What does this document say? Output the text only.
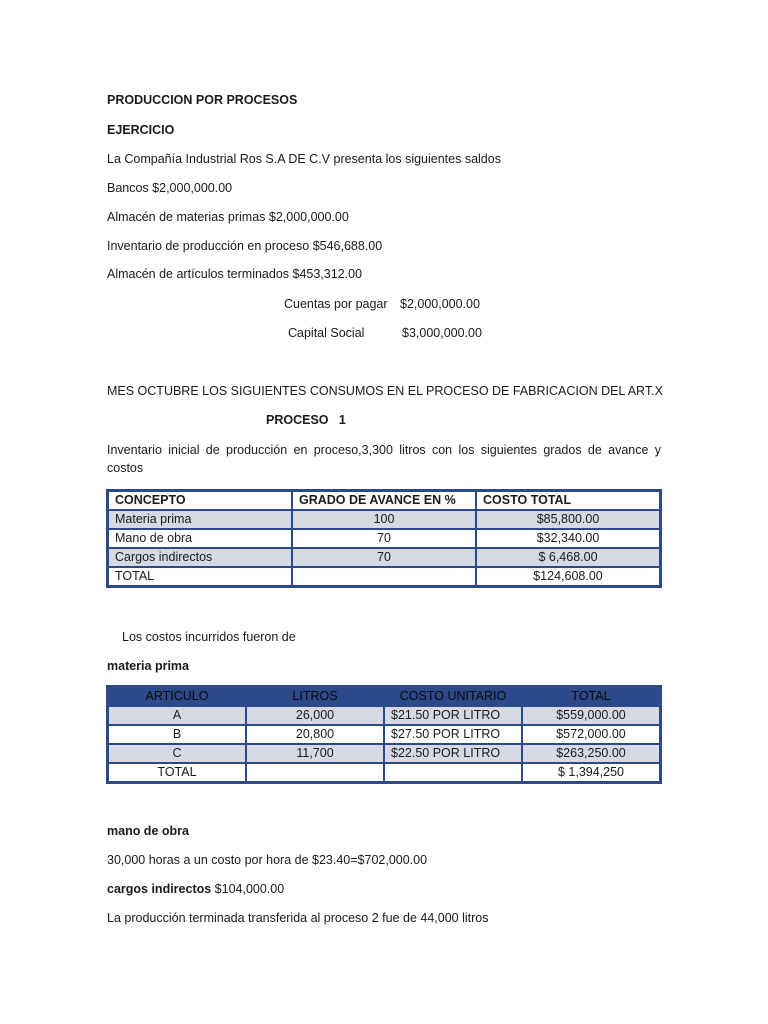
PRODUCCION POR PROCESOS
EJERCICIO
La Compañía Industrial Ros S.A DE C.V presenta los siguientes saldos
Bancos $2,000,000.00
Almacén de materias primas $2,000,000.00
Inventario de producción en proceso $546,688.00
Almacén de artículos terminados $453,312.00
Cuentas por pagar $2,000,000.00
Capital Social	$3,000,000.00
MES OCTUBRE LOS SIGUIENTES CONSUMOS EN EL PROCESO DE FABRICACION DEL ART.X
PROCESO   1
Inventario inicial de producción en proceso,3,300 litros con los siguientes grados de avance y costos
CONCEPTO	GRADO DE AVANCE EN %	COSTO TOTAL
Materia prima	100	$85,800.00
Mano de obra	70	$32,340.00
Cargos indirectos	70	$ 6,468.00
TOTAL		$124,608.00
Los costos incurridos fueron de
materia prima
ARTICULO	LITROS	COSTO UNITARIO	TOTAL
A	26,000	$21.50 POR LITRO	$559,000.00
B	20,800	$27.50 POR LITRO	$572,000.00
C	11,700	$22.50 POR LITRO	$263,250.00
TOTAL			$ 1,394,250
mano de obra
30,000 horas a un costo por hora de $23.40=$702,000.00
cargos indirectos $104,000.00
La producción terminada transferida al proceso 2 fue de 44,000 litros
